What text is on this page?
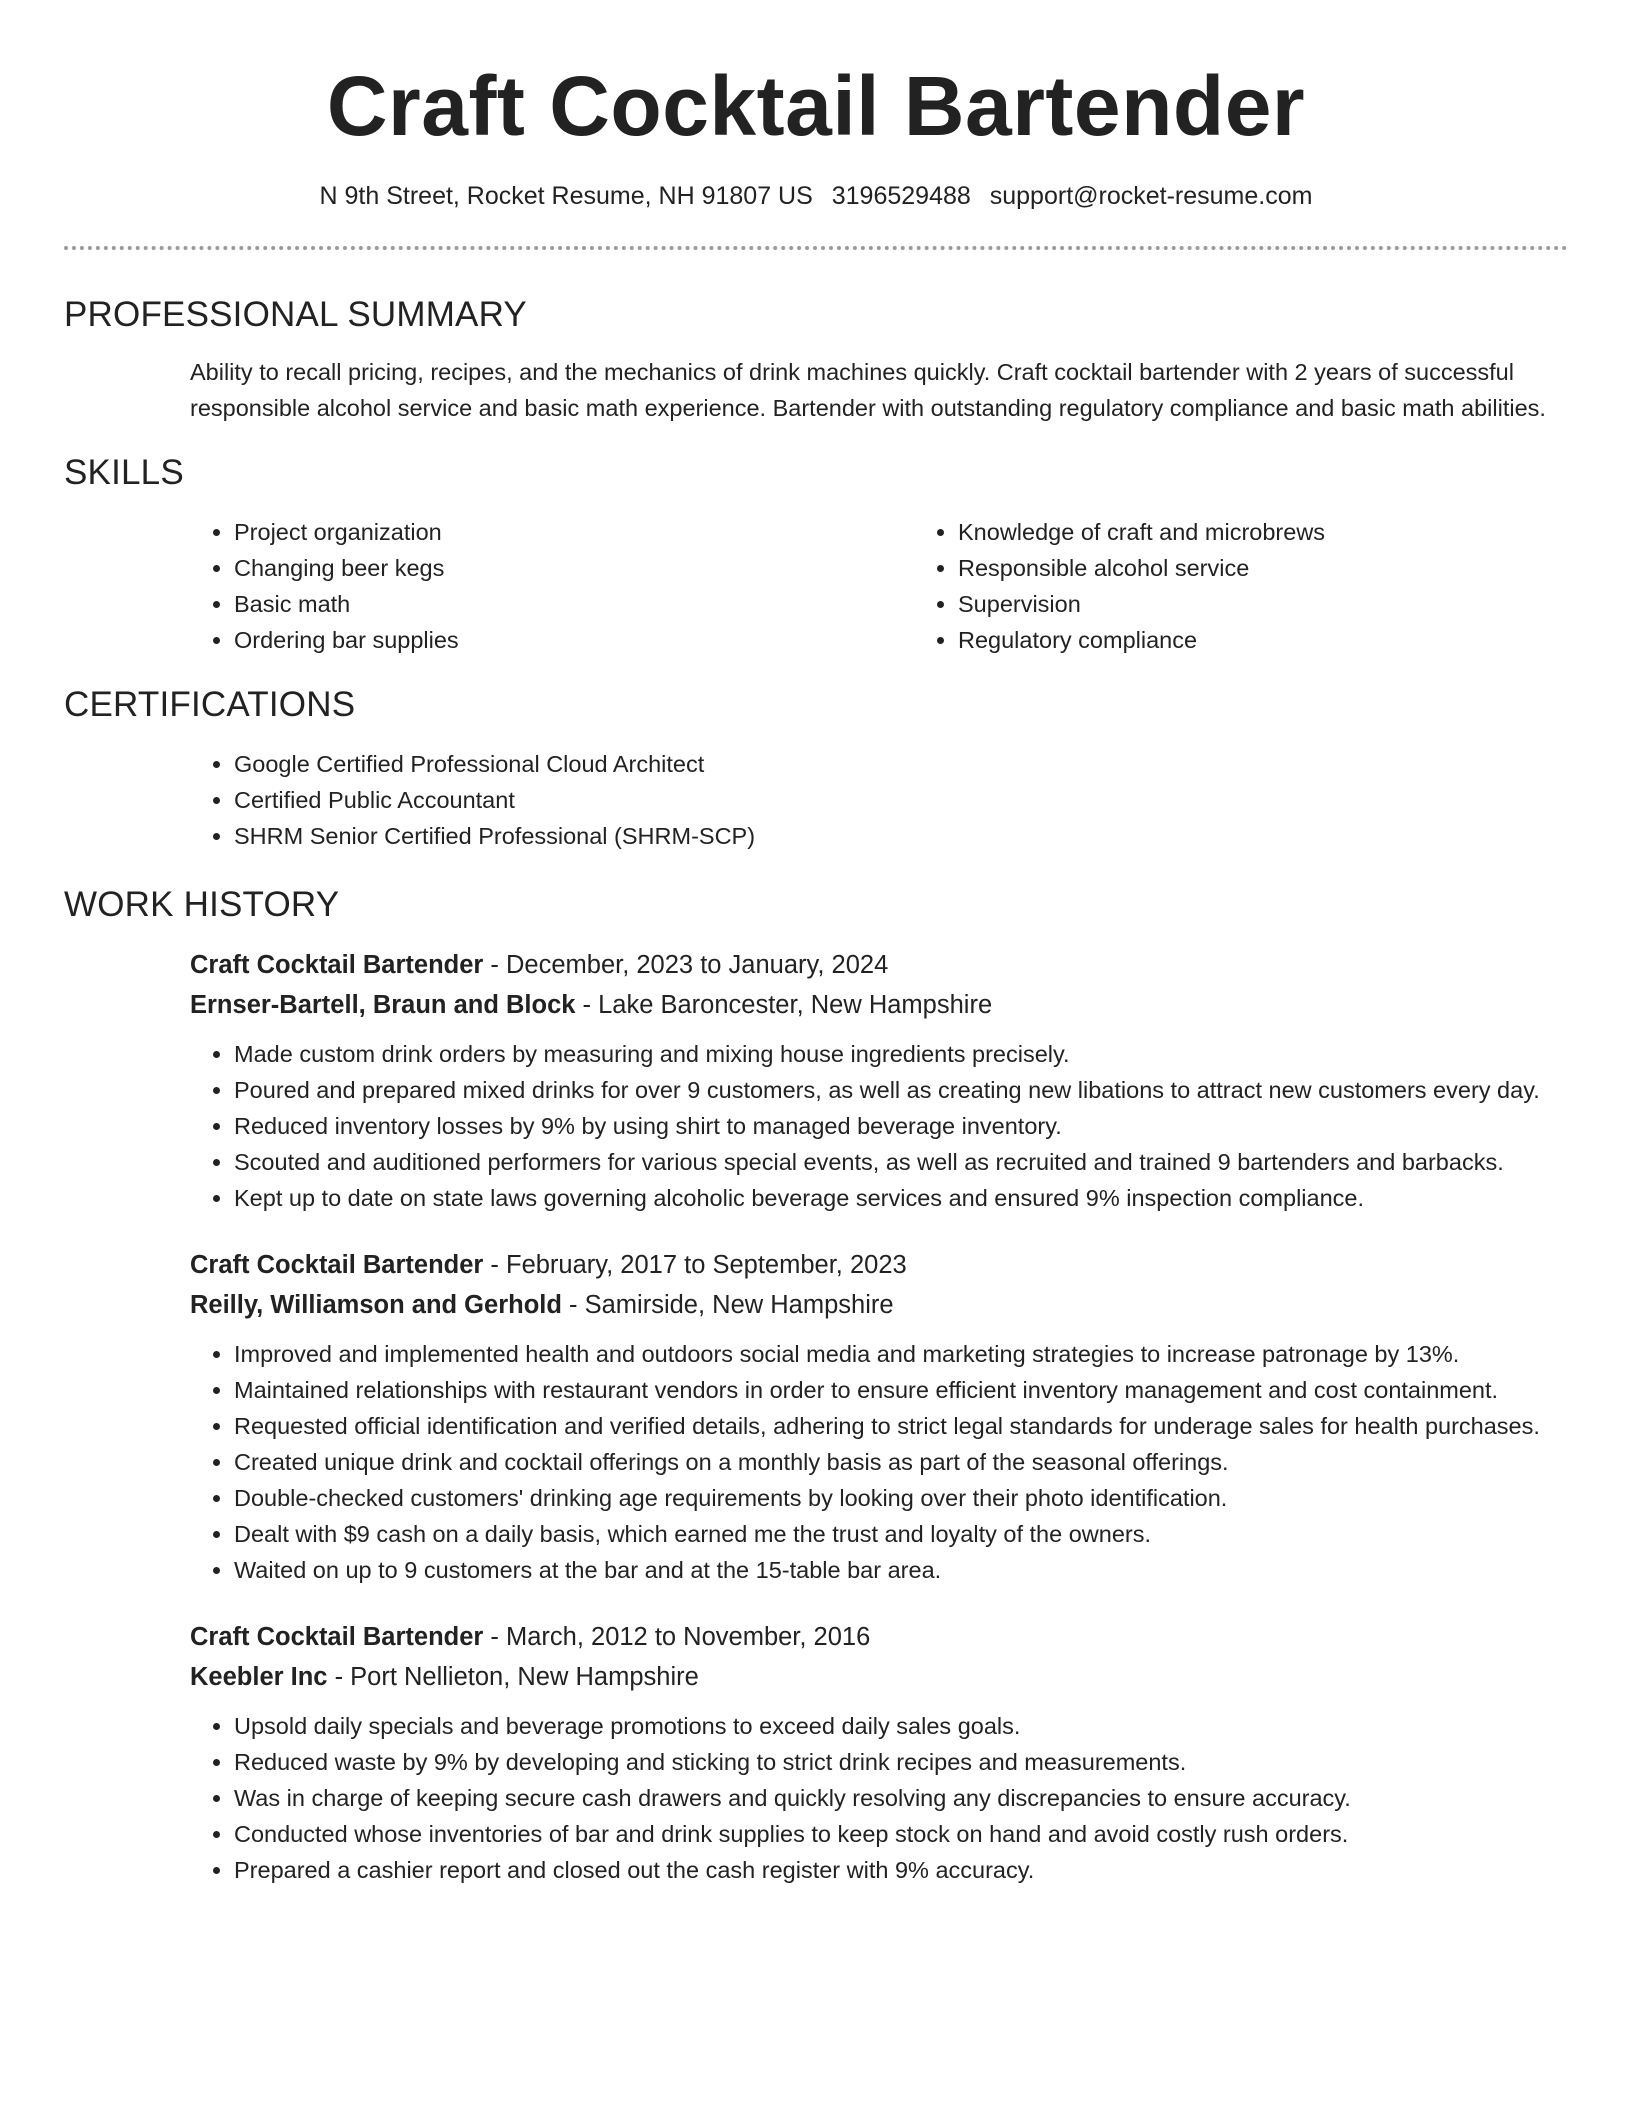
Craft Cocktail Bartender
N 9th Street, Rocket Resume, NH 91807 US 3196529488 support@rocket-resume.com
PROFESSIONAL SUMMARY

Ability to recall pricing, recipes, and the mechanics of drink machines quickly. Craft cocktail bartender with 2 years of successful responsible alcohol service and basic math experience. Bartender with outstanding regulatory compliance and basic math abilities.

SKILLS
• Project organization
• Changing beer kegs
• Basic math
• Ordering bar supplies
• Knowledge of craft and microbrews
• Responsible alcohol service
• Supervision
• Regulatory compliance
CERTIFICATIONS
• Google Certified Professional Cloud Architect
• Certified Public Accountant
• SHRM Senior Certified Professional (SHRM-SCP)
WORK HISTORY
Craft Cocktail Bartender - December, 2023 to January, 2024
Ernser-Bartell, Braun and Block - Lake Baroncester, New Hampshire
• Made custom drink orders by measuring and mixing house ingredients precisely.
• Poured and prepared mixed drinks for over 9 customers, as well as creating new libations to attract new customers every day.
• Reduced inventory losses by 9% by using shirt to managed beverage inventory.
• Scouted and auditioned performers for various special events, as well as recruited and trained 9 bartenders and barbacks.
• Kept up to date on state laws governing alcoholic beverage services and ensured 9% inspection compliance.
Craft Cocktail Bartender - February, 2017 to September, 2023
Reilly, Williamson and Gerhold - Samirside, New Hampshire
• Improved and implemented health and outdoors social media and marketing strategies to increase patronage by 13%.
• Maintained relationships with restaurant vendors in order to ensure efficient inventory management and cost containment.
• Requested official identification and verified details, adhering to strict legal standards for underage sales for health purchases.
• Created unique drink and cocktail offerings on a monthly basis as part of the seasonal offerings.
• Double-checked customers' drinking age requirements by looking over their photo identification.
• Dealt with $9 cash on a daily basis, which earned me the trust and loyalty of the owners.
• Waited on up to 9 customers at the bar and at the 15-table bar area.
Craft Cocktail Bartender - March, 2012 to November, 2016
Keebler Inc - Port Nellieton, New Hampshire
• Upsold daily specials and beverage promotions to exceed daily sales goals.
• Reduced waste by 9% by developing and sticking to strict drink recipes and measurements.
• Was in charge of keeping secure cash drawers and quickly resolving any discrepancies to ensure accuracy.
• Conducted whose inventories of bar and drink supplies to keep stock on hand and avoid costly rush orders.
• Prepared a cashier report and closed out the cash register with 9% accuracy.
